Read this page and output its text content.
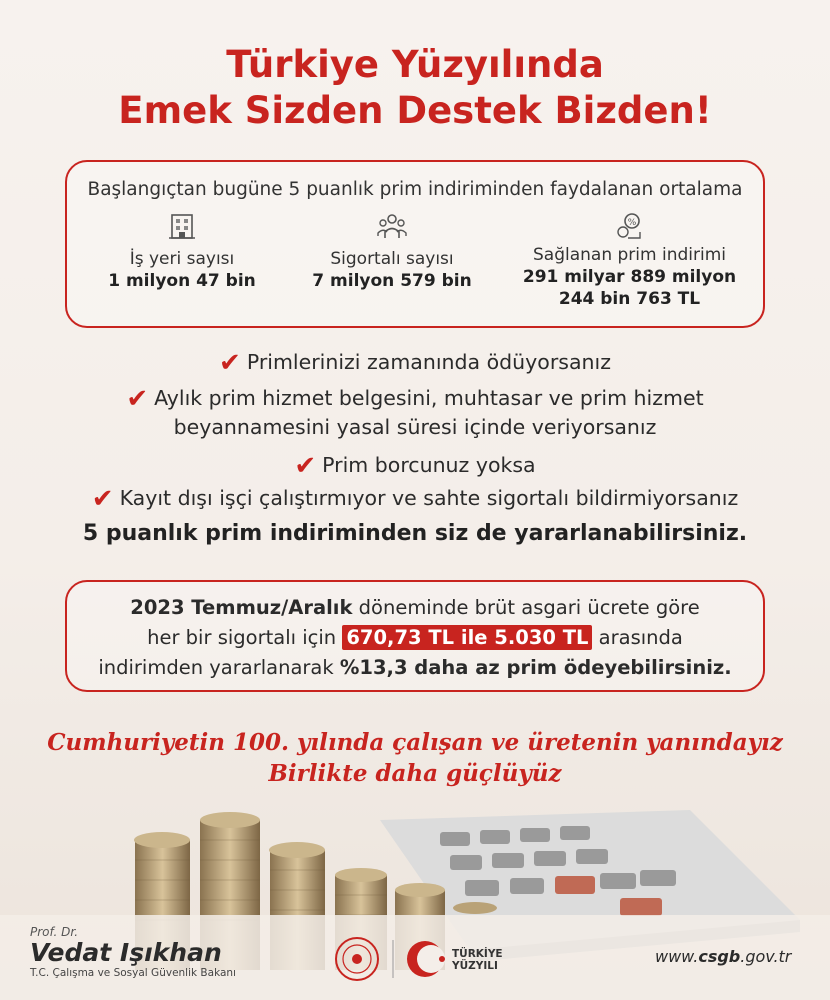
Türkiye Yüzyılında
Emek Sizden Destek Bizden!
Başlangıçtan bugüne 5 puanlık prim indiriminden faydalanan ortalama
İş yeri sayısı
1 milyon 47 bin
Sigortalı sayısı
7 milyon 579 bin
%
Sağlanan prim indirimi
291 milyar 889 milyon
244 bin 763 TL
✔ Primlerinizi zamanında ödüyorsanız
✔ Aylık prim hizmet belgesini, muhtasar ve prim hizmet
beyannamesini yasal süresi içinde veriyorsanız
✔ Prim borcunuz yoksa
✔ Kayıt dışı işçi çalıştırmıyor ve sahte sigortalı bildirmiyorsanız
5 puanlık prim indiriminden siz de yararlanabilirsiniz.
2023 Temmuz/Aralık döneminde brüt asgari ücrete göre
her bir sigortalı için 670,73 TL ile 5.030 TL arasında
indirimden yararlanarak %13,3 daha az prim ödeyebilirsiniz.
Cumhuriyetin 100. yılında çalışan ve üretenin yanındayız
Birlikte daha güçlüyüz
Prof. Dr.
Vedat Işıkhan
T.C. Çalışma ve Sosyal Güvenlik Bakanı
TÜRKİYE
YÜZYILI	www.csgb.gov.tr
